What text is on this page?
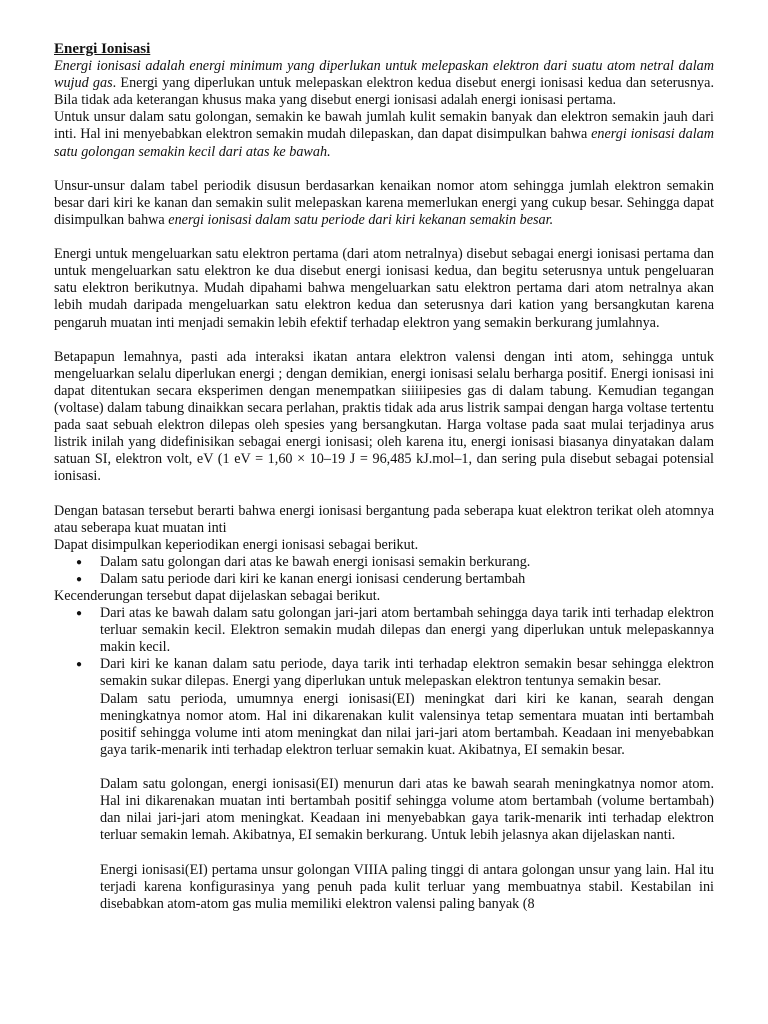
Energi Ionisasi

Energi ionisasi adalah energi minimum yang diperlukan untuk melepaskan elektron dari suatu atom netral dalam wujud gas. Energi yang diperlukan untuk melepaskan elektron kedua disebut energi ionisasi kedua dan seterusnya. Bila tidak ada keterangan khusus maka yang disebut energi ionisasi adalah energi ionisasi pertama.

Untuk unsur dalam satu golongan, semakin ke bawah jumlah kulit semakin banyak dan elektron semakin jauh dari inti. Hal ini menyebabkan elektron semakin mudah dilepaskan, dan dapat disimpulkan bahwa energi ionisasi dalam satu golongan semakin kecil dari atas ke bawah.

Unsur-unsur dalam tabel periodik disusun berdasarkan kenaikan nomor atom sehingga jumlah elektron semakin besar dari kiri ke kanan dan semakin sulit melepaskan karena memerlukan energi yang cukup besar. Sehingga dapat disimpulkan bahwa energi ionisasi dalam satu periode dari kiri kekanan semakin besar.

Energi untuk mengeluarkan satu elektron pertama (dari atom netralnya) disebut sebagai energi ionisasi pertama dan untuk mengeluarkan satu elektron ke dua disebut energi ionisasi kedua, dan begitu seterusnya untuk pengeluaran satu elektron berikutnya. Mudah dipahami bahwa mengeluarkan satu elektron pertama dari atom netralnya akan lebih mudah daripada mengeluarkan satu elektron kedua dan seterusnya dari kation yang bersangkutan karena pengaruh muatan inti menjadi semakin lebih efektif terhadap elektron yang semakin berkurang jumlahnya.

Betapapun lemahnya, pasti ada interaksi ikatan antara elektron valensi dengan inti atom, sehingga untuk mengeluarkan selalu diperlukan energi ; dengan demikian, energi ionisasi selalu berharga positif. Energi ionisasi ini dapat ditentukan secara eksperimen dengan menempatkan siiiiipesies gas di dalam tabung. Kemudian tegangan (voltase) dalam tabung dinaikkan secara perlahan, praktis tidak ada arus listrik sampai dengan harga voltase tertentu pada saat sebuah elektron dilepas oleh spesies yang bersangkutan. Harga voltase pada saat mulai terjadinya arus listrik inilah yang didefinisikan sebagai energi ionisasi; oleh karena itu, energi ionisasi biasanya dinyatakan dalam satuan SI, elektron volt, eV (1 eV = 1,60 × 10–19 J = 96,485 kJ.mol–1, dan sering pula disebut sebagai potensial ionisasi.

Dengan batasan tersebut berarti bahwa energi ionisasi bergantung pada seberapa kuat elektron terikat oleh atomnya atau seberapa kuat muatan inti

Dapat disimpulkan keperiodikan energi ionisasi sebagai berikut.

● Dalam satu golongan dari atas ke bawah energi ionisasi semakin berkurang.
● Dalam satu periode dari kiri ke kanan energi ionisasi cenderung bertambah

Kecenderungan tersebut dapat dijelaskan sebagai berikut.

● Dari atas ke bawah dalam satu golongan jari-jari atom bertambah sehingga daya tarik inti terhadap elektron terluar semakin kecil. Elektron semakin mudah dilepas dan energi yang diperlukan untuk melepaskannya makin kecil.
● Dari kiri ke kanan dalam satu periode, daya tarik inti terhadap elektron semakin besar sehingga elektron semakin sukar dilepas. Energi yang diperlukan untuk melepaskan elektron tentunya semakin besar.

Dalam satu perioda, umumnya energi ionisasi(EI) meningkat dari kiri ke kanan, searah dengan meningkatnya nomor atom. Hal ini dikarenakan kulit valensinya tetap sementara muatan inti bertambah positif sehingga volume inti atom meningkat dan nilai jari-jari atom bertambah. Keadaan ini menyebabkan gaya tarik-menarik inti terhadap elektron terluar semakin kuat. Akibatnya, EI semakin besar.

Dalam satu golongan, energi ionisasi(EI) menurun dari atas ke bawah searah meningkatnya nomor atom. Hal ini dikarenakan muatan inti bertambah positif sehingga volume atom bertambah (volume bertambah) dan nilai jari-jari atom meningkat. Keadaan ini menyebabkan gaya tarik-menarik inti terhadap elektron terluar semakin lemah. Akibatnya, EI semakin berkurang. Untuk lebih jelasnya akan dijelaskan nanti.

Energi ionisasi(EI) pertama unsur golongan VIIIA paling tinggi di antara golongan unsur yang lain. Hal itu terjadi karena konfigurasinya yang penuh pada kulit terluar yang membuatnya stabil. Kestabilan ini disebabkan atom-atom gas mulia memiliki elektron valensi paling banyak (8
